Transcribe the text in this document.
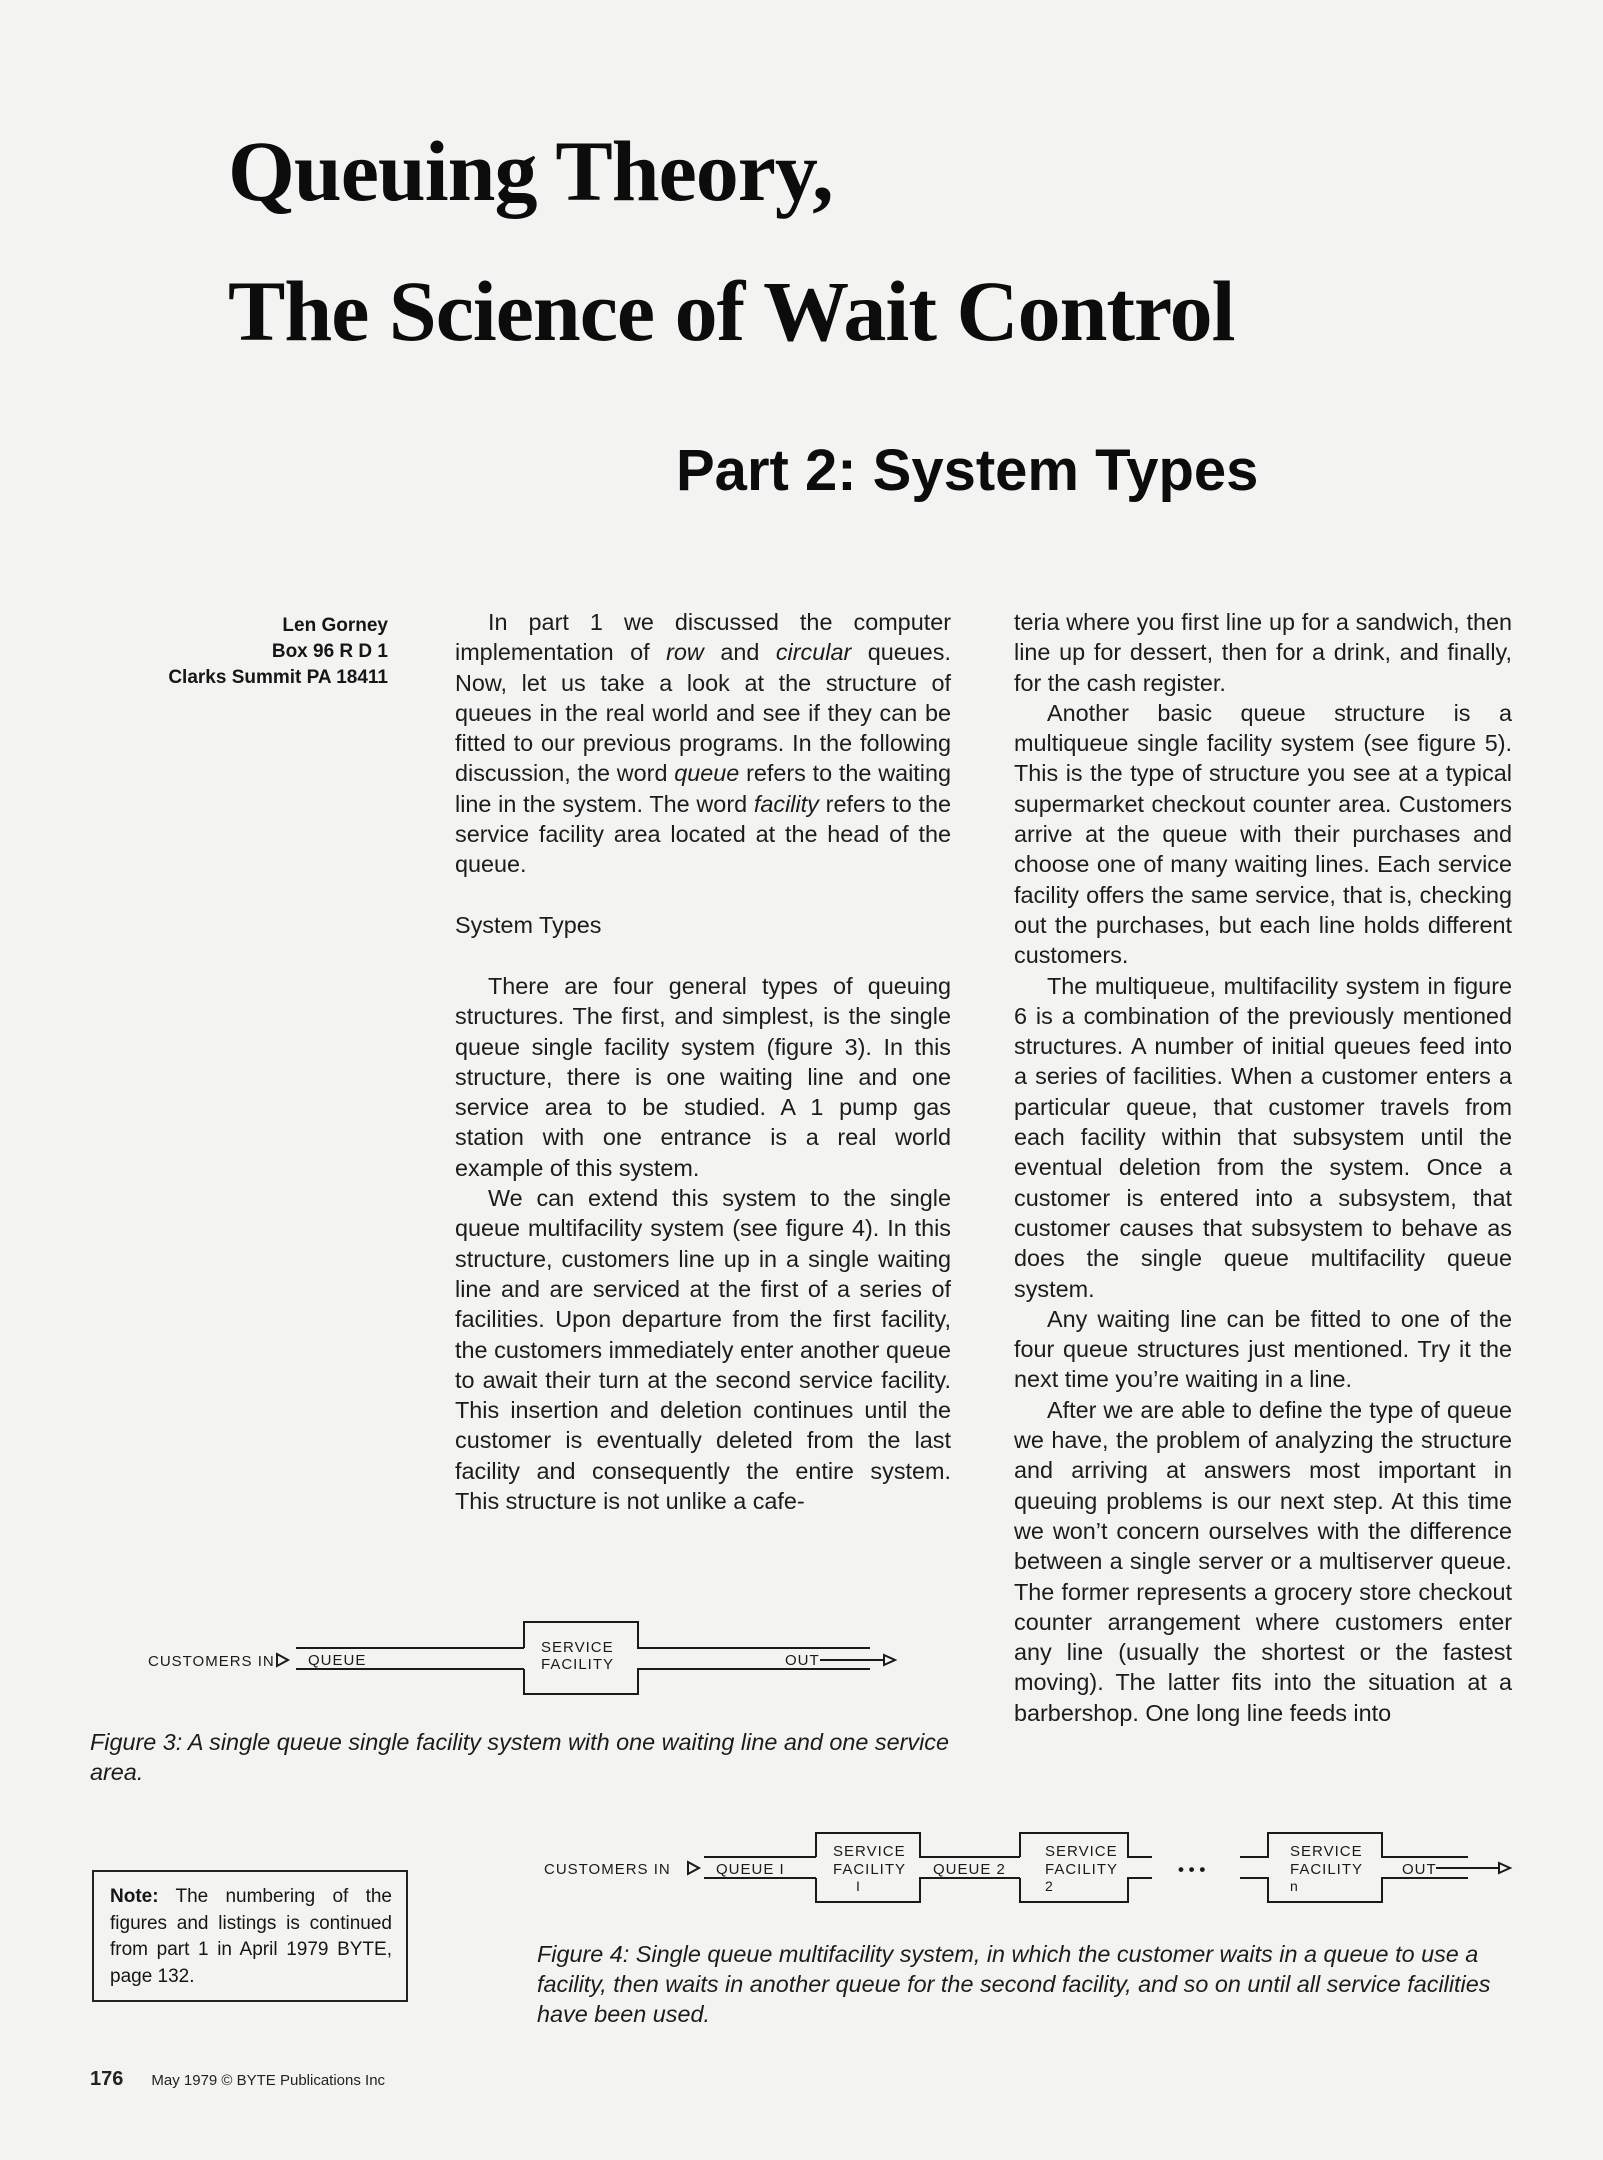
Queuing Theory,
The Science of Wait Control
Part 2: System Types
Len Gorney
Box 96 R D 1
Clarks Summit PA 18411

In part 1 we discussed the computer implementation of row and circular queues. Now, let us take a look at the structure of queues in the real world and see if they can be fitted to our previous programs. In the following discussion, the word queue refers to the waiting line in the system. The word facility refers to the service facility area located at the head of the queue.

System Types

There are four general types of queuing structures. The first, and simplest, is the single queue single facility system (figure 3). In this structure, there is one waiting line and one service area to be studied. A 1 pump gas station with one entrance is a real world example of this system.

We can extend this system to the single queue multifacility system (see figure 4). In this structure, customers line up in a single waiting line and are serviced at the first of a series of facilities. Upon departure from the first facility, the customers immediately enter another queue to await their turn at the second service facility. This insertion and deletion continues until the customer is eventually deleted from the last facility and consequently the entire system. This structure is not unlike a cafe-

teria where you first line up for a sandwich, then line up for dessert, then for a drink, and finally, for the cash register.

Another basic queue structure is a multiqueue single facility system (see figure 5). This is the type of structure you see at a typical supermarket checkout counter area. Customers arrive at the queue with their purchases and choose one of many waiting lines. Each service facility offers the same service, that is, checking out the purchases, but each line holds different customers.

The multiqueue, multifacility system in figure 6 is a combination of the previously mentioned structures. A number of initial queues feed into a series of facilities. When a customer enters a particular queue, that customer travels from each facility within that subsystem until the eventual deletion from the system. Once a customer is entered into a subsystem, that customer causes that subsystem to behave as does the single queue multifacility queue system.

Any waiting line can be fitted to one of the four queue structures just mentioned. Try it the next time you’re waiting in a line.

After we are able to define the type of queue we have, the problem of analyzing the structure and arriving at answers most important in queuing problems is our next step. At this time we won’t concern ourselves with the difference between a single server or a multiserver queue. The former represents a grocery store checkout counter arrangement where customers enter any line (usually the shortest or the fastest moving). The latter fits into the situation at a barbershop. One long line feeds into

CUSTOMERS IN QUEUE
SERVICE
FACILITY	OUT
CUSTOMERS IN	QUEUE I
SERVICE
FACILITY
I
QUEUE 2
SERVICE
FACILITY
2
• • •
SERVICE
FACILITY
n
OUT
Figure 3: A single queue single facility system with one waiting line and one service area.
Note: The numbering of the figures and listings is continued from part 1 in April 1979 BYTE, page 132.
Figure 4: Single queue multifacility system, in which the customer waits in a queue to use a facility, then waits in another queue for the second facility, and so on until all service facilities have been used.
176 May 1979 © BYTE Publications Inc
